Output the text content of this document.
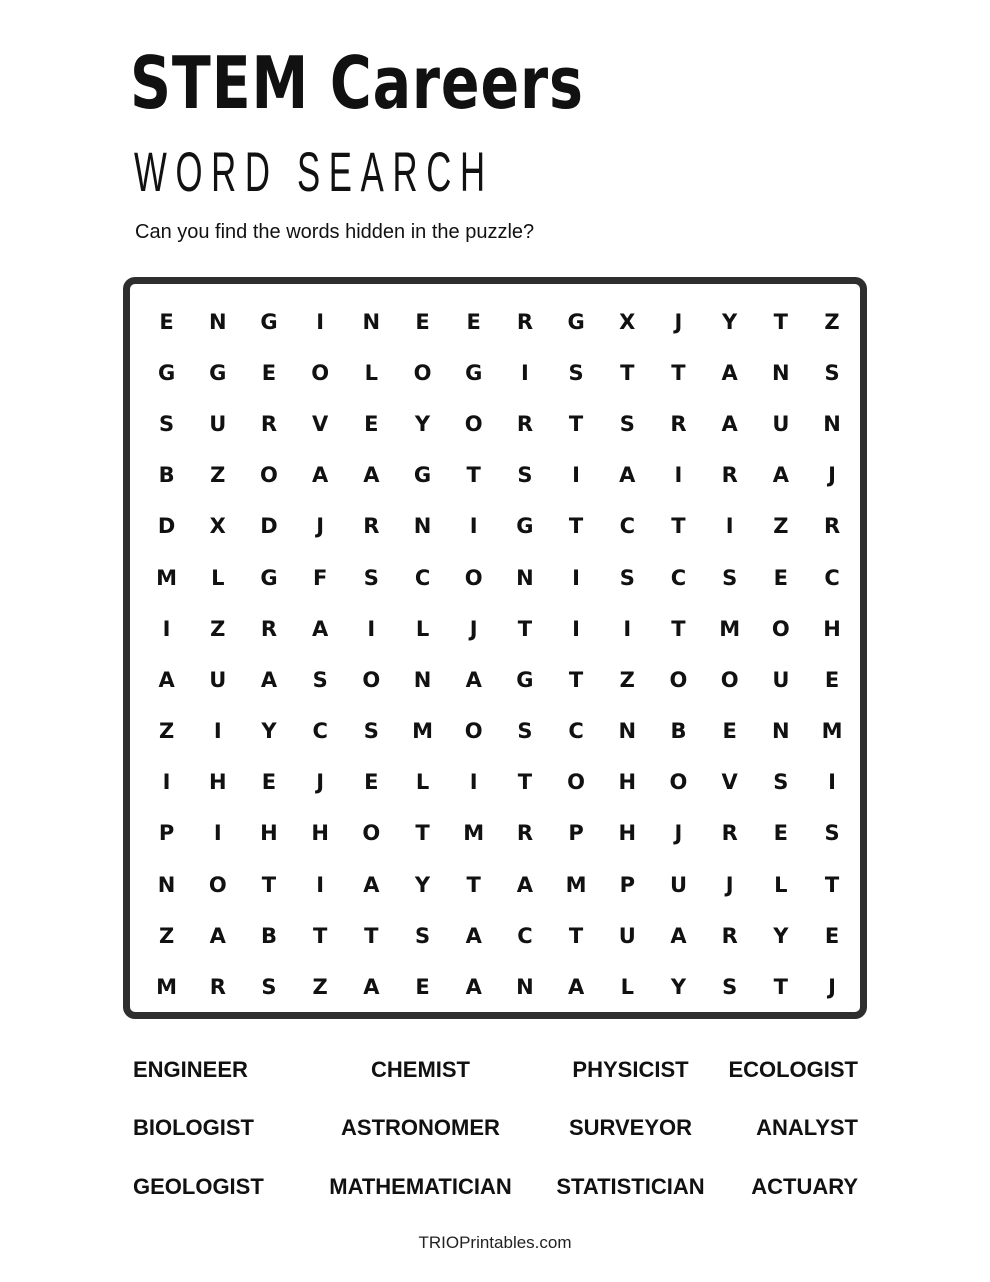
STEM Careers
WORD SEARCH

Can you find the words hidden in the puzzle?

E	N	G	I	N	E	E	R	G	X	J	Y	T	Z
G	G	E	O	L	O	G	I	S	T	T	A	N	S
S	U	R	V	E	Y	O	R	T	S	R	A	U	N
B	Z	O	A	A	G	T	S	I	A	I	R	A	J
D	X	D	J	R	N	I	G	T	C	T	I	Z	R
M	L	G	F	S	C	O	N	I	S	C	S	E	C
I	Z	R	A	I	L	J	T	I	I	T	M	O	H
A	U	A	S	O	N	A	G	T	Z	O	O	U	E
Z	I	Y	C	S	M	O	S	C	N	B	E	N	M
I	H	E	J	E	L	I	T	O	H	O	V	S	I
P	I	H	H	O	T	M	R	P	H	J	R	E	S
N	O	T	I	A	Y	T	A	M	P	U	J	L	T
Z	A	B	T	T	S	A	C	T	U	A	R	Y	E
M	R	S	Z	A	E	A	N	A	L	Y	S	T	J
ENGINEER	CHEMIST	PHYSICIST	ECOLOGIST
BIOLOGIST	ASTRONOMER	SURVEYOR	ANALYST
GEOLOGIST	MATHEMATICIAN	STATISTICIAN	ACTUARY
TRIOPrintables.com
